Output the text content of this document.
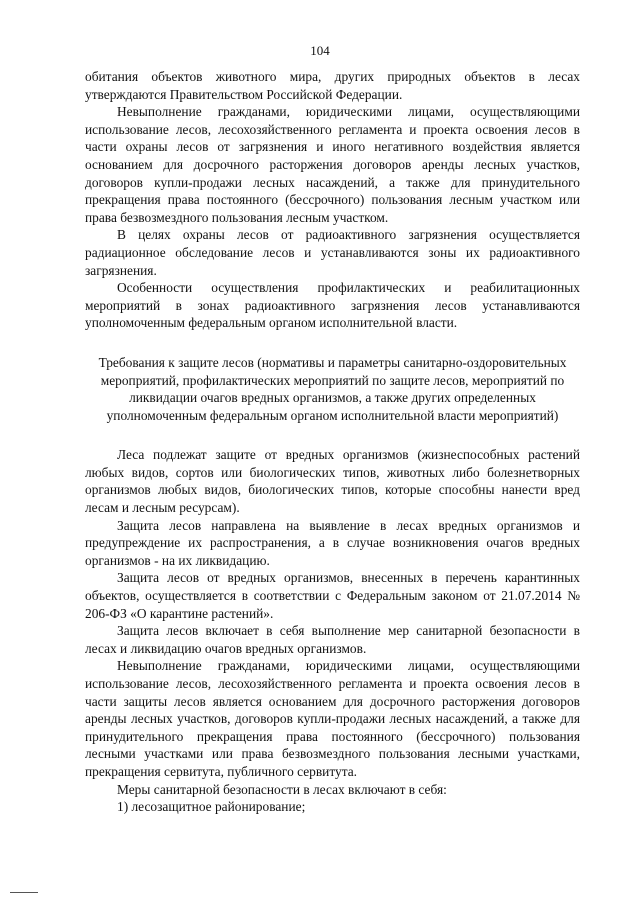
104

обитания объектов животного мира, других природных объектов в лесах утверждаются Правительством Российской Федерации.

Невыполнение гражданами, юридическими лицами, осуществляющими использование лесов, лесохозяйственного регламента и проекта освоения лесов в части охраны лесов от загрязнения и иного негативного воздействия является основанием для досрочного расторжения договоров аренды лесных участков, договоров купли-продажи лесных насаждений, а также для принудительного прекращения права постоянного (бессрочного) пользования лесным участком или права безвозмездного пользования лесным участком.

В целях охраны лесов от радиоактивного загрязнения осуществляется радиационное обследование лесов и устанавливаются зоны их радиоактивного загрязнения.

Особенности осуществления профилактических и реабилитационных мероприятий в зонах радиоактивного загрязнения лесов устанавливаются уполномоченным федеральным органом исполнительной власти.

Требования к защите лесов (нормативы и параметры санитарно-оздоровительных мероприятий, профилактических мероприятий по защите лесов, мероприятий по ликвидации очагов вредных организмов, а также других определенных уполномоченным федеральным органом исполнительной власти мероприятий)

Леса подлежат защите от вредных организмов (жизнеспособных растений любых видов, сортов или биологических типов, животных либо болезнетворных организмов любых видов, биологических типов, которые способны нанести вред лесам и лесным ресурсам).

Защита лесов направлена на выявление в лесах вредных организмов и предупреждение их распространения, а в случае возникновения очагов вредных организмов - на их ликвидацию.

Защита лесов от вредных организмов, внесенных в перечень карантинных объектов, осуществляется в соответствии с Федеральным законом от 21.07.2014 № 206-ФЗ «О карантине растений».

Защита лесов включает в себя выполнение мер санитарной безопасности в лесах и ликвидацию очагов вредных организмов.

Невыполнение гражданами, юридическими лицами, осуществляющими использование лесов, лесохозяйственного регламента и проекта освоения лесов в части защиты лесов является основанием для досрочного расторжения договоров аренды лесных участков, договоров купли-продажи лесных насаждений, а также для принудительного прекращения права постоянного (бессрочного) пользования лесными участками или права безвозмездного пользования лесными участками, прекращения сервитута, публичного сервитута.

Меры санитарной безопасности в лесах включают в себя:

1) лесозащитное районирование;
